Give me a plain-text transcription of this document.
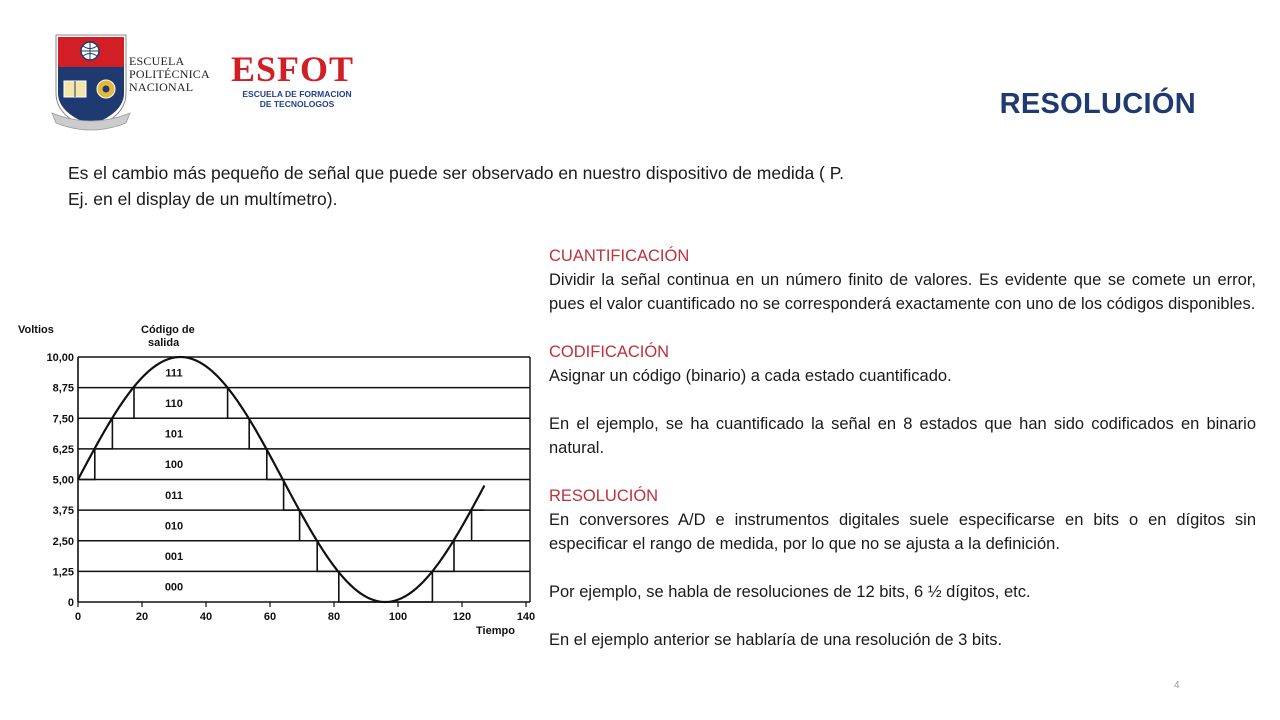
ESCUELA
POLITÉCNICA
NACIONAL	ESFOT
ESCUELA DE FORMACION
DE TECNOLOGOS	RESOLUCIÓN
Es el cambio más pequeño de señal que puede ser observado en nuestro dispositivo de medida ( P. Ej. en el display de un multímetro).
CUANTIFICACIÓN
Dividir la señal continua en un número finito de valores. Es evidente que se comete un error, pues el valor cuantificado no se corresponderá exactamente con uno de los códigos disponibles.
CODIFICACIÓN
Asignar un código (binario) a cada estado cuantificado.
En el ejemplo, se ha cuantificado la señal en 8 estados que han sido codificados en binario natural.
RESOLUCIÓN
En conversores A/D e instrumentos digitales suele especificarse en bits o en dígitos sin especificar el rango de medida, por lo que no se ajusta a la definición.
Por ejemplo, se habla de resoluciones de 12 bits, 6 ½ dígitos, etc.
En el ejemplo anterior se hablaría de una resolución de 3 bits.
Voltios	Código de
salida
Tiempo
0
1,25
2,50
3,75
5,00
6,25
7,50
8,75
10,00
0	20	40	60	80	100	120	140
000
001
010
011
100
101
110
111
4
